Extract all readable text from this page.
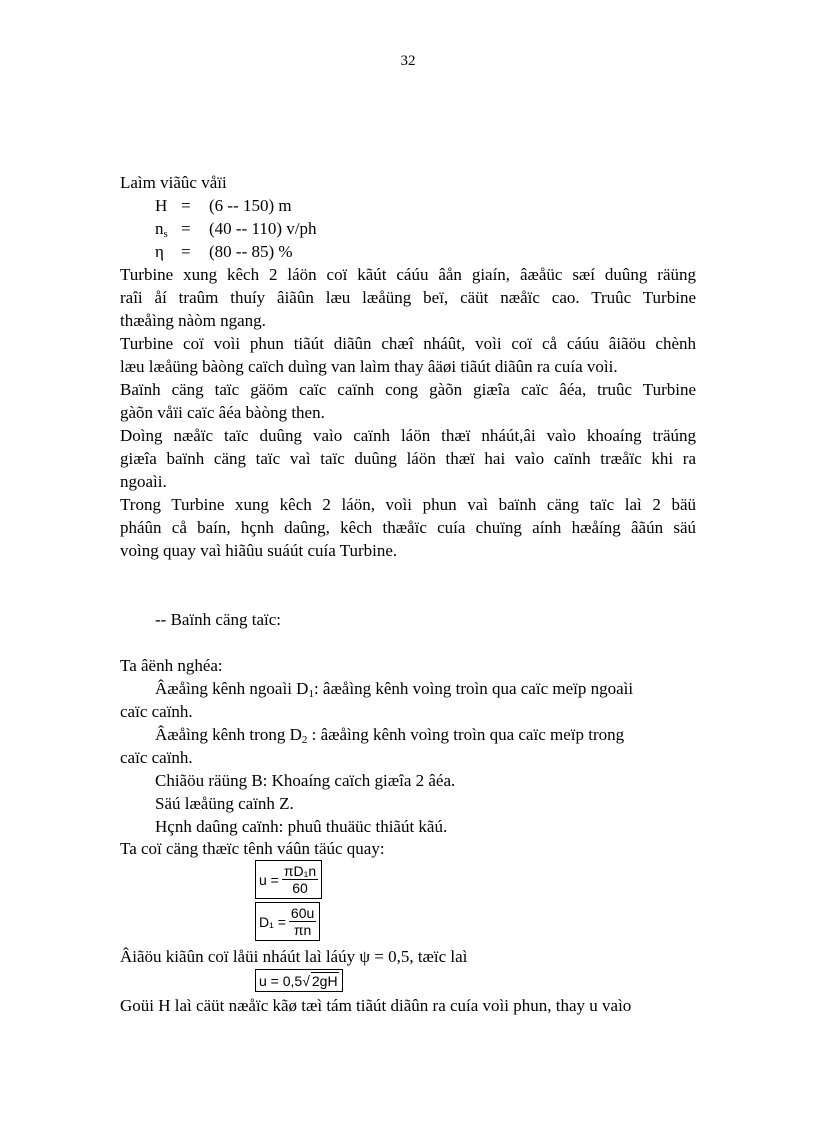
32
Laìm viãûc våïi
H = (6 -- 150) m
$n_s = (40 -- 110)$ v/ph
η = (80 -- 85) %
Turbine xung kêch 2 láön coï kãút cáúu âån giaín, âæåüc sæí duûng räüng
raîi åí traûm thuíy âiãûn læu læåüng beï, cäüt næåïc cao. Truûc Turbine
thæåìng nàòm ngang.
Turbine coï voìi phun tiãút diãûn chæî nháût, voìi coï cå cáúu âiãöu chènh
læu læåüng bàòng caïch duìng van laìm thay âäøi tiãút diãûn ra cuía voìi.
Baïnh cäng taïc gäöm caïc caïnh cong gàõn giæîa caïc âéa, truûc Turbine
gàõn våïi caïc âéa bàòng then.
Doìng næåïc taïc duûng vaìo caïnh láön thæï nháút,âi vaìo khoaíng träúng
giæîa baïnh cäng taïc vaì taïc duûng láön thæï hai vaìo caïnh træåïc khi ra
ngoaìi.
Trong Turbine xung kêch 2 láön, voìi phun vaì baïnh cäng taïc laì 2 bäü
pháûn cå baín, hçnh daûng, kêch thæåïc cuía chuïng aính hæåíng âãún säú
voìng quay vaì hiãûu suáút cuía Turbine.
-- Baïnh cäng taïc:
Ta âënh nghéa:
Âæåìng kênh ngoaìi $D_1$: âæåìng kênh voìng troìn qua caïc meïp ngoaìi
caïc caïnh.
Âæåìng kênh trong $D_2$ : âæåìng kênh voìng troìn qua caïc meïp trong
caïc caïnh.
Chiãöu räüng B: Khoaíng caïch giæîa 2 âéa.
Säú læåüng caïnh Z.
Hçnh daûng caïnh: phuû thuäüc thiãút kãú.
Ta coï cäng thæïc tênh váûn täúc quay:
$u = \frac{\text{πD₁n}}{60}$
$D_1 = \frac{60u}{\pi n}$
Âiãöu kiãûn coï låüi nháút laì láúy ψ = 0,5, tæïc laì
u = 0,5 √ 2gH
Goüi H laì cäüt næåïc kãø tæì tám tiãút diãûn ra cuía voìi phun, thay u vaìo
